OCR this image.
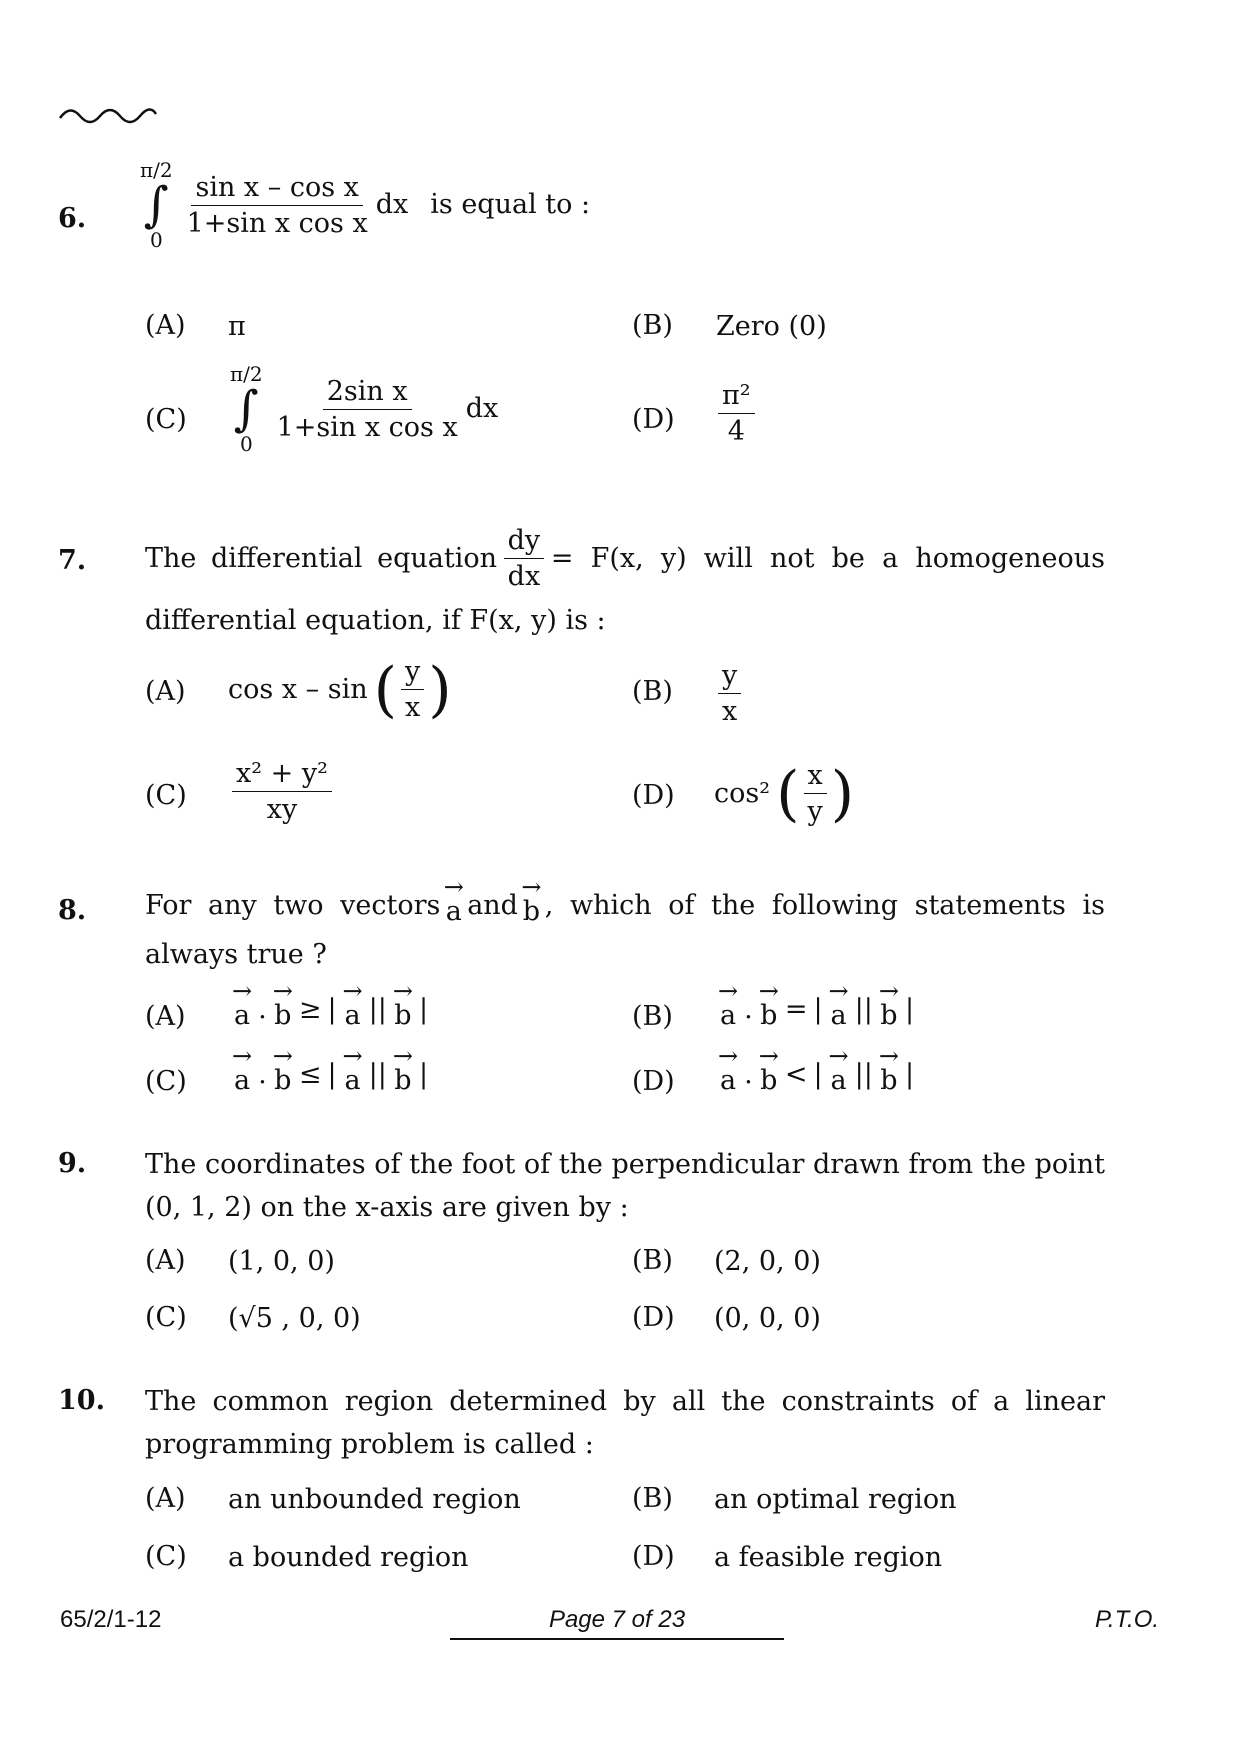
6.
π/2
∫
0
$\frac{\text{sin x – cos x}}{\text{1+sin x cos x}}$ dx is equal to :
(A) π	(B) Zero (0)
(C)
π/2
∫
0
$\frac{\text{2sin x}}{\text{1+sin x cos x}}$ dx	$(D) \frac{\text{π²}}{4}$
7. The differential equation $\frac{dy}{dx} = F(x$,  y)  will  not  be  a  homogeneous
differential equation, if F(x, y) is :
(A) cos x – sin ( $\frac{y}{x}$ )	$(B) \frac{y}{x}$
$(C) \frac{\text{x² + y²}}{xy}$	(D) cos² ( $\frac{x}{y}$ )
8. For any two vectors
→
a and
→
b , which of the following statements is
always true ?
(A)
→
a .
→
b ≥ |
→
a ||
→
b |	(B)
→
a .
→
b = |
→
a ||
→
b |
(C)
→
a .
→
b ≤ |
→
a ||
→
b |	(D)
→
a .
→
b < |
→
a ||
→
b |
9. The coordinates of the foot of the perpendicular drawn from the point
(0, 1, 2) on the x-axis are given by :
(A) (1, 0, 0)	(B) (2, 0, 0)
(C) (√5 , 0, 0)	(D) (0, 0, 0)
10. The common region determined by all the constraints of a linear
programming problem is called :
(A) an unbounded region	(B) an optimal region
(C) a bounded region	(D) a feasible region
65/2/1-12	Page 7 of 23	P.T.O.
